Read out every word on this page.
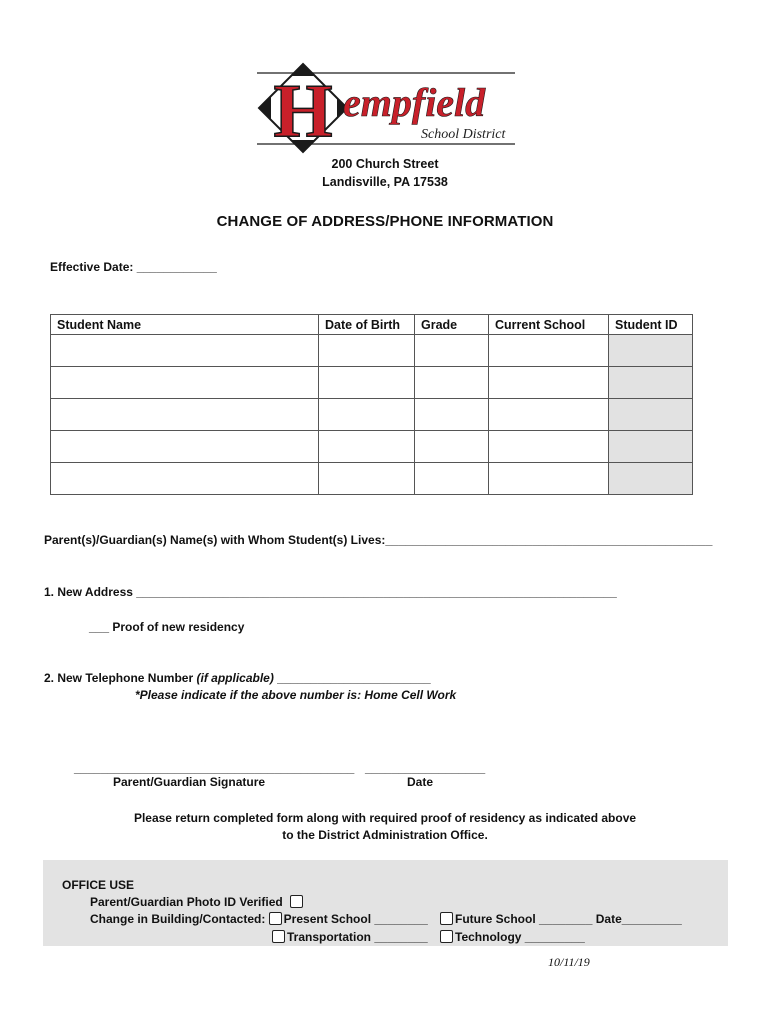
H empfield
School District
200 Church Street
Landisville, PA 17538
CHANGE OF ADDRESS/PHONE INFORMATION
Effective Date: ____________
Student Name	Date of Birth	Grade	Current School	Student ID

Parent(s)/Guardian(s) Name(s) with Whom Student(s) Lives:_________________________________________________
1. New Address ________________________________________________________________________
___ Proof of new residency
2. New Telephone Number (if applicable) _______________________
*Please indicate if the above number is: Home Cell Work
__________________________________________ __________________
Parent/Guardian Signature	Date
Please return completed form along with required proof of residency as indicated above
to the District Administration Office.
OFFICE USE
Parent/Guardian Photo ID Verified
Change in Building/Contacted: Present School ________	Future School ________ Date_________
Transportation ________	Technology _________
10/11/19
